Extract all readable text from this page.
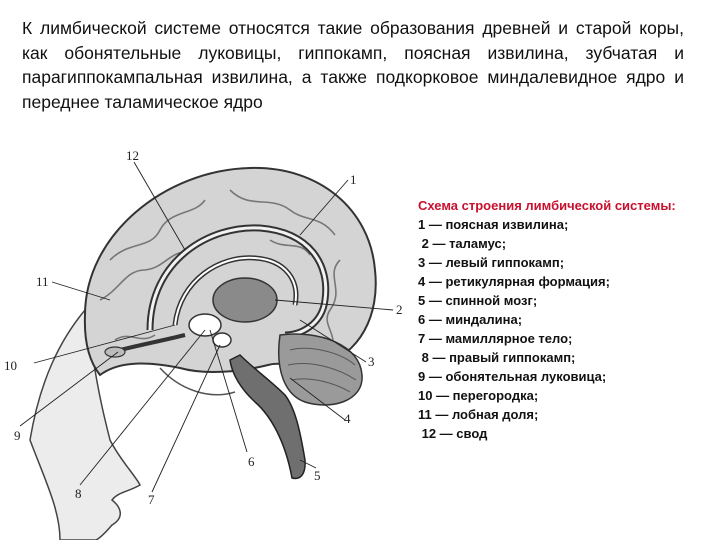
К лимбической системе относятся такие образования древней и старой коры, как обонятельные луковицы, гиппокамп, поясная извилина, зубчатая и парагиппокампальная извилина, а также подкорковое миндалевидное ядро и переднее таламическое ядро

1
2
3
4
5
6
7
8
9
10
11
12
Схема строения лимбической системы:
1 — поясная извилина;
2 — таламус;
3 — левый гиппокамп;
4 — ретикулярная формация;
5 — спинной мозг;
6 — миндалина;
7 — мамиллярное тело;
8 — правый гиппокамп;
9 — обонятельная луковица;
10 — перегородка;
11 — лобная доля;
12 — свод
